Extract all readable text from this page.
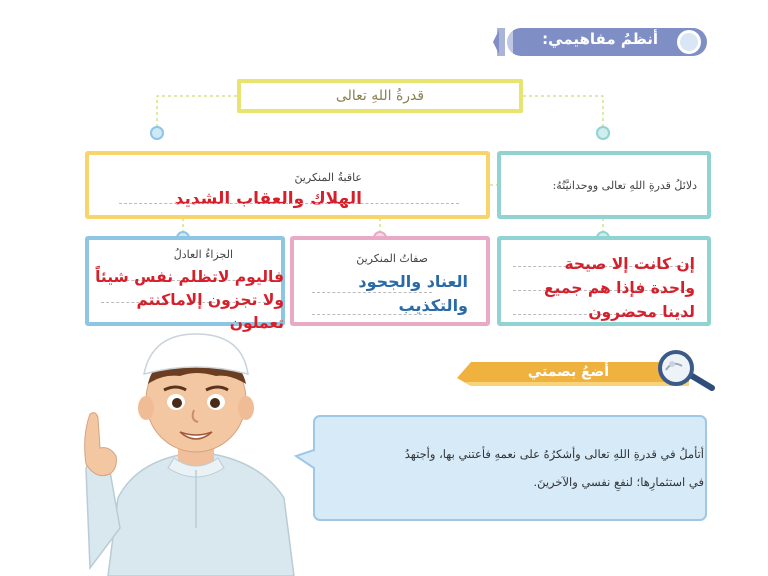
أنظمُ مفاهيمي:
قدرةُ اللهِ تعالى
عاقبةُ المنكرينَ
الهلاك والعقاب الشديد
دلائلُ قدرةِ اللهِ تعالى ووحدانيَّتُهُ:
الجزاءُ العادلُ
فاليوم لاتظلم نفس شيئاً
ولا تجزون إلاماكنتم
تعملون
صفاتُ المنكرينَ
العناد والجحود
والتكذيب
إن كانت إلا صيحة
واحدة فإذا هم جميع
لدينا محضرون
أضعُ بصمتي
أتأملُ في قدرةِ اللهِ تعالى وأشكرُهُ على نعمهِ فأعتني بها، وأجتهدُ
في استثمارِها؛ لنفعِ نفسي والآخرينَ.
